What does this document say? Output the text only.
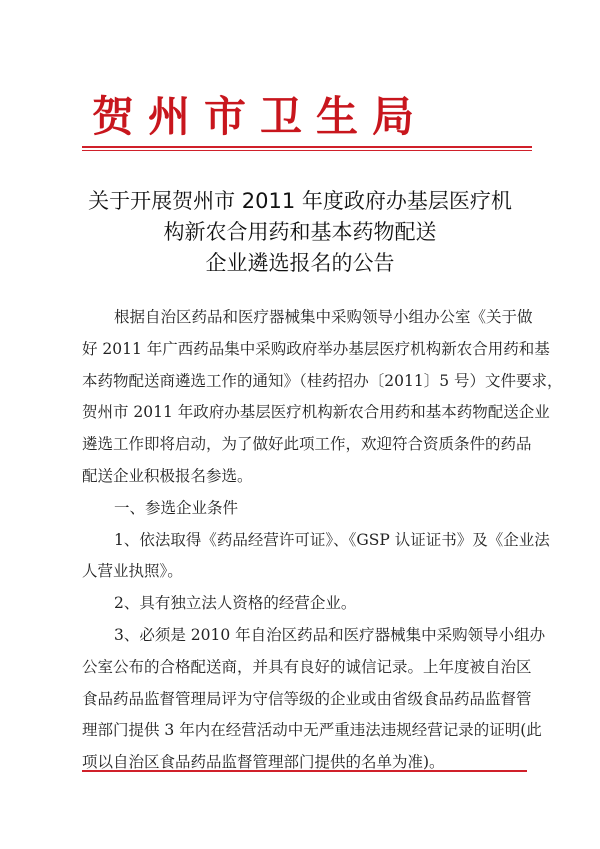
贺州市卫生局
关于开展贺州市 2011 年度政府办基层医疗机
构新农合用药和基本药物配送
企业遴选报名的公告
根据自治区药品和医疗器械集中采购领导小组办公室《关于做
好 2011 年广西药品集中采购政府举办基层医疗机构新农合用药和基
本药物配送商遴选工作的通知》（桂药招办〔2011〕5 号）文件要求，
贺州市 2011 年政府办基层医疗机构新农合用药和基本药物配送企业
遴选工作即将启动，为了做好此项工作，欢迎符合资质条件的药品
配送企业积极报名参选。
一、参选企业条件
1、依法取得《药品经营许可证》、《GSP 认证证书》及《企业法
人营业执照》。
2、具有独立法人资格的经营企业。
3、必须是 2010 年自治区药品和医疗器械集中采购领导小组办
公室公布的合格配送商，并具有良好的诚信记录。上年度被自治区
食品药品监督管理局评为守信等级的企业或由省级食品药品监督管
理部门提供 3 年内在经营活动中无严重违法违规经营记录的证明(此
项以自治区食品药品监督管理部门提供的名单为准)。
